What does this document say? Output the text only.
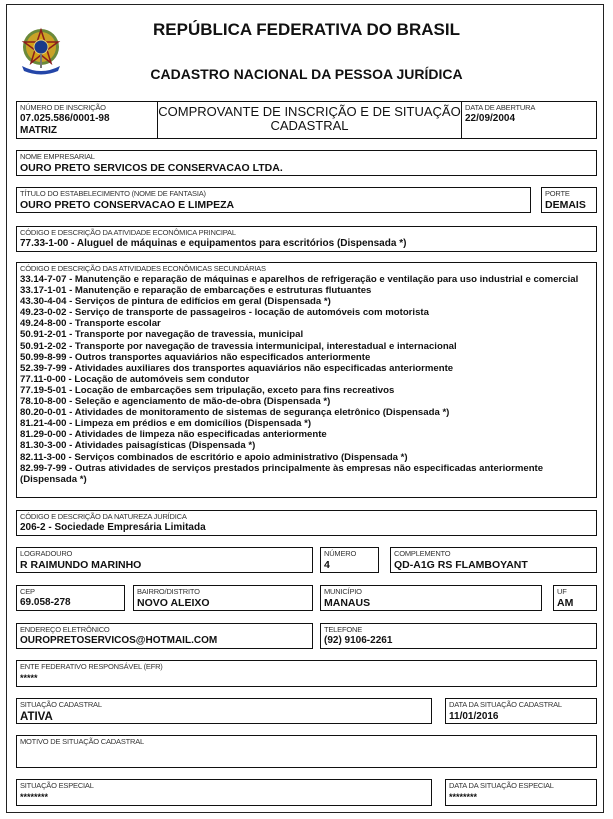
REPÚBLICA FEDERATIVA DO BRASIL
CADASTRO NACIONAL DA PESSOA JURÍDICA
NÚMERO DE INSCRIÇÃO
07.025.586/0001-98
MATRIZ
COMPROVANTE DE INSCRIÇÃO E DE SITUAÇÃO
CADASTRAL
DATA DE ABERTURA
22/09/2004
NOME EMPRESARIAL
OURO PRETO SERVICOS DE CONSERVACAO LTDA.
TÍTULO DO ESTABELECIMENTO (NOME DE FANTASIA)
OURO PRETO CONSERVACAO E LIMPEZA
PORTE
DEMAIS
CÓDIGO E DESCRIÇÃO DA ATIVIDADE ECONÔMICA PRINCIPAL
77.33-1-00 - Aluguel de máquinas e equipamentos para escritórios (Dispensada *)
CÓDIGO E DESCRIÇÃO DAS ATIVIDADES ECONÔMICAS SECUNDÁRIAS
33.14-7-07 - Manutenção e reparação de máquinas e aparelhos de refrigeração e ventilação para uso industrial e comercial
33.17-1-01 - Manutenção e reparação de embarcações e estruturas flutuantes
43.30-4-04 - Serviços de pintura de edifícios em geral (Dispensada *)
49.23-0-02 - Serviço de transporte de passageiros - locação de automóveis com motorista
49.24-8-00 - Transporte escolar
50.91-2-01 - Transporte por navegação de travessia, municipal
50.91-2-02 - Transporte por navegação de travessia intermunicipal, interestadual e internacional
50.99-8-99 - Outros transportes aquaviários não especificados anteriormente
52.39-7-99 - Atividades auxiliares dos transportes aquaviários não especificadas anteriormente
77.11-0-00 - Locação de automóveis sem condutor
77.19-5-01 - Locação de embarcações sem tripulação, exceto para fins recreativos
78.10-8-00 - Seleção e agenciamento de mão-de-obra (Dispensada *)
80.20-0-01 - Atividades de monitoramento de sistemas de segurança eletrônico (Dispensada *)
81.21-4-00 - Limpeza em prédios e em domicílios (Dispensada *)
81.29-0-00 - Atividades de limpeza não especificadas anteriormente
81.30-3-00 - Atividades paisagísticas (Dispensada *)
82.11-3-00 - Serviços combinados de escritório e apoio administrativo (Dispensada *)
82.99-7-99 - Outras atividades de serviços prestados principalmente às empresas não especificadas anteriormente (Dispensada *)
CÓDIGO E DESCRIÇÃO DA NATUREZA JURÍDICA
206-2 - Sociedade Empresária Limitada
LOGRADOURO
R RAIMUNDO MARINHO
NÚMERO
4
COMPLEMENTO
QD-A1G RS FLAMBOYANT
CEP
69.058-278
BAIRRO/DISTRITO
NOVO ALEIXO
MUNICÍPIO
MANAUS
UF
AM
ENDEREÇO ELETRÔNICO
OUROPRETOSERVICOS@HOTMAIL.COM
TELEFONE
(92) 9106-2261
ENTE FEDERATIVO RESPONSÁVEL (EFR)
*****
SITUAÇÃO CADASTRAL
ATIVA
DATA DA SITUAÇÃO CADASTRAL
11/01/2016
MOTIVO DE SITUAÇÃO CADASTRAL
SITUAÇÃO ESPECIAL
********
DATA DA SITUAÇÃO ESPECIAL
********
